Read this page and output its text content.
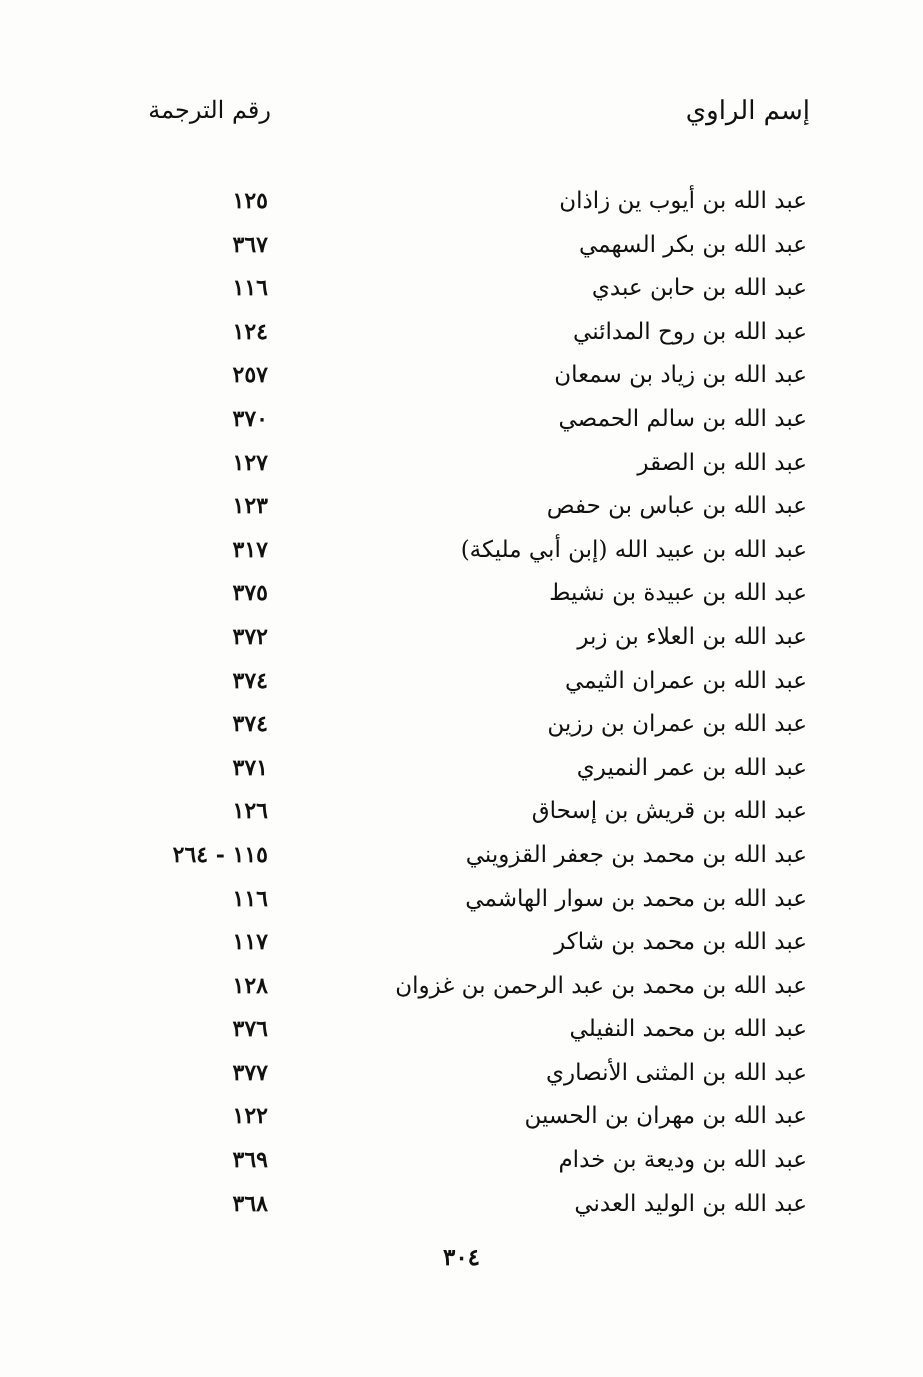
إسم الراوي
رقم الترجمة
عبد الله بن أيوب ين زاذان
١٢٥
عبد الله بن بكر السهمي
٣٦٧
عبد الله بن حابن عبدي
١١٦
عبد الله بن روح المدائني
١٢٤
عبد الله بن زياد بن سمعان
٢٥٧
عبد الله بن سالم الحمصي
٣٧٠
عبد الله بن الصقر
١٢٧
عبد الله بن عباس بن حفص
١٢٣
عبد الله بن عبيد الله (إبن أبي مليكة)
٣١٧
عبد الله بن عبيدة بن نشيط
٣٧٥
عبد الله بن العلاء بن زبر
٣٧٢
عبد الله بن عمران الثيمي
٣٧٤
عبد الله بن عمران بن رزين
٣٧٤
عبد الله بن عمر النميري
٣٧١
عبد الله بن قريش بن إسحاق
١٢٦
عبد الله بن محمد بن جعفر القزويني
١١٥ - ٢٦٤
عبد الله بن محمد بن سوار الهاشمي
١١٦
عبد الله بن محمد بن شاكر
١١٧
عبد الله بن محمد بن عبد الرحمن بن غزوان
١٢٨
عبد الله بن محمد النفيلي
٣٧٦
عبد الله بن المثنى الأنصاري
٣٧٧
عبد الله بن مهران بن الحسين
١٢٢
عبد الله بن وديعة بن خدام
٣٦٩
عبد الله بن الوليد العدني
٣٦٨
٣٠٤
